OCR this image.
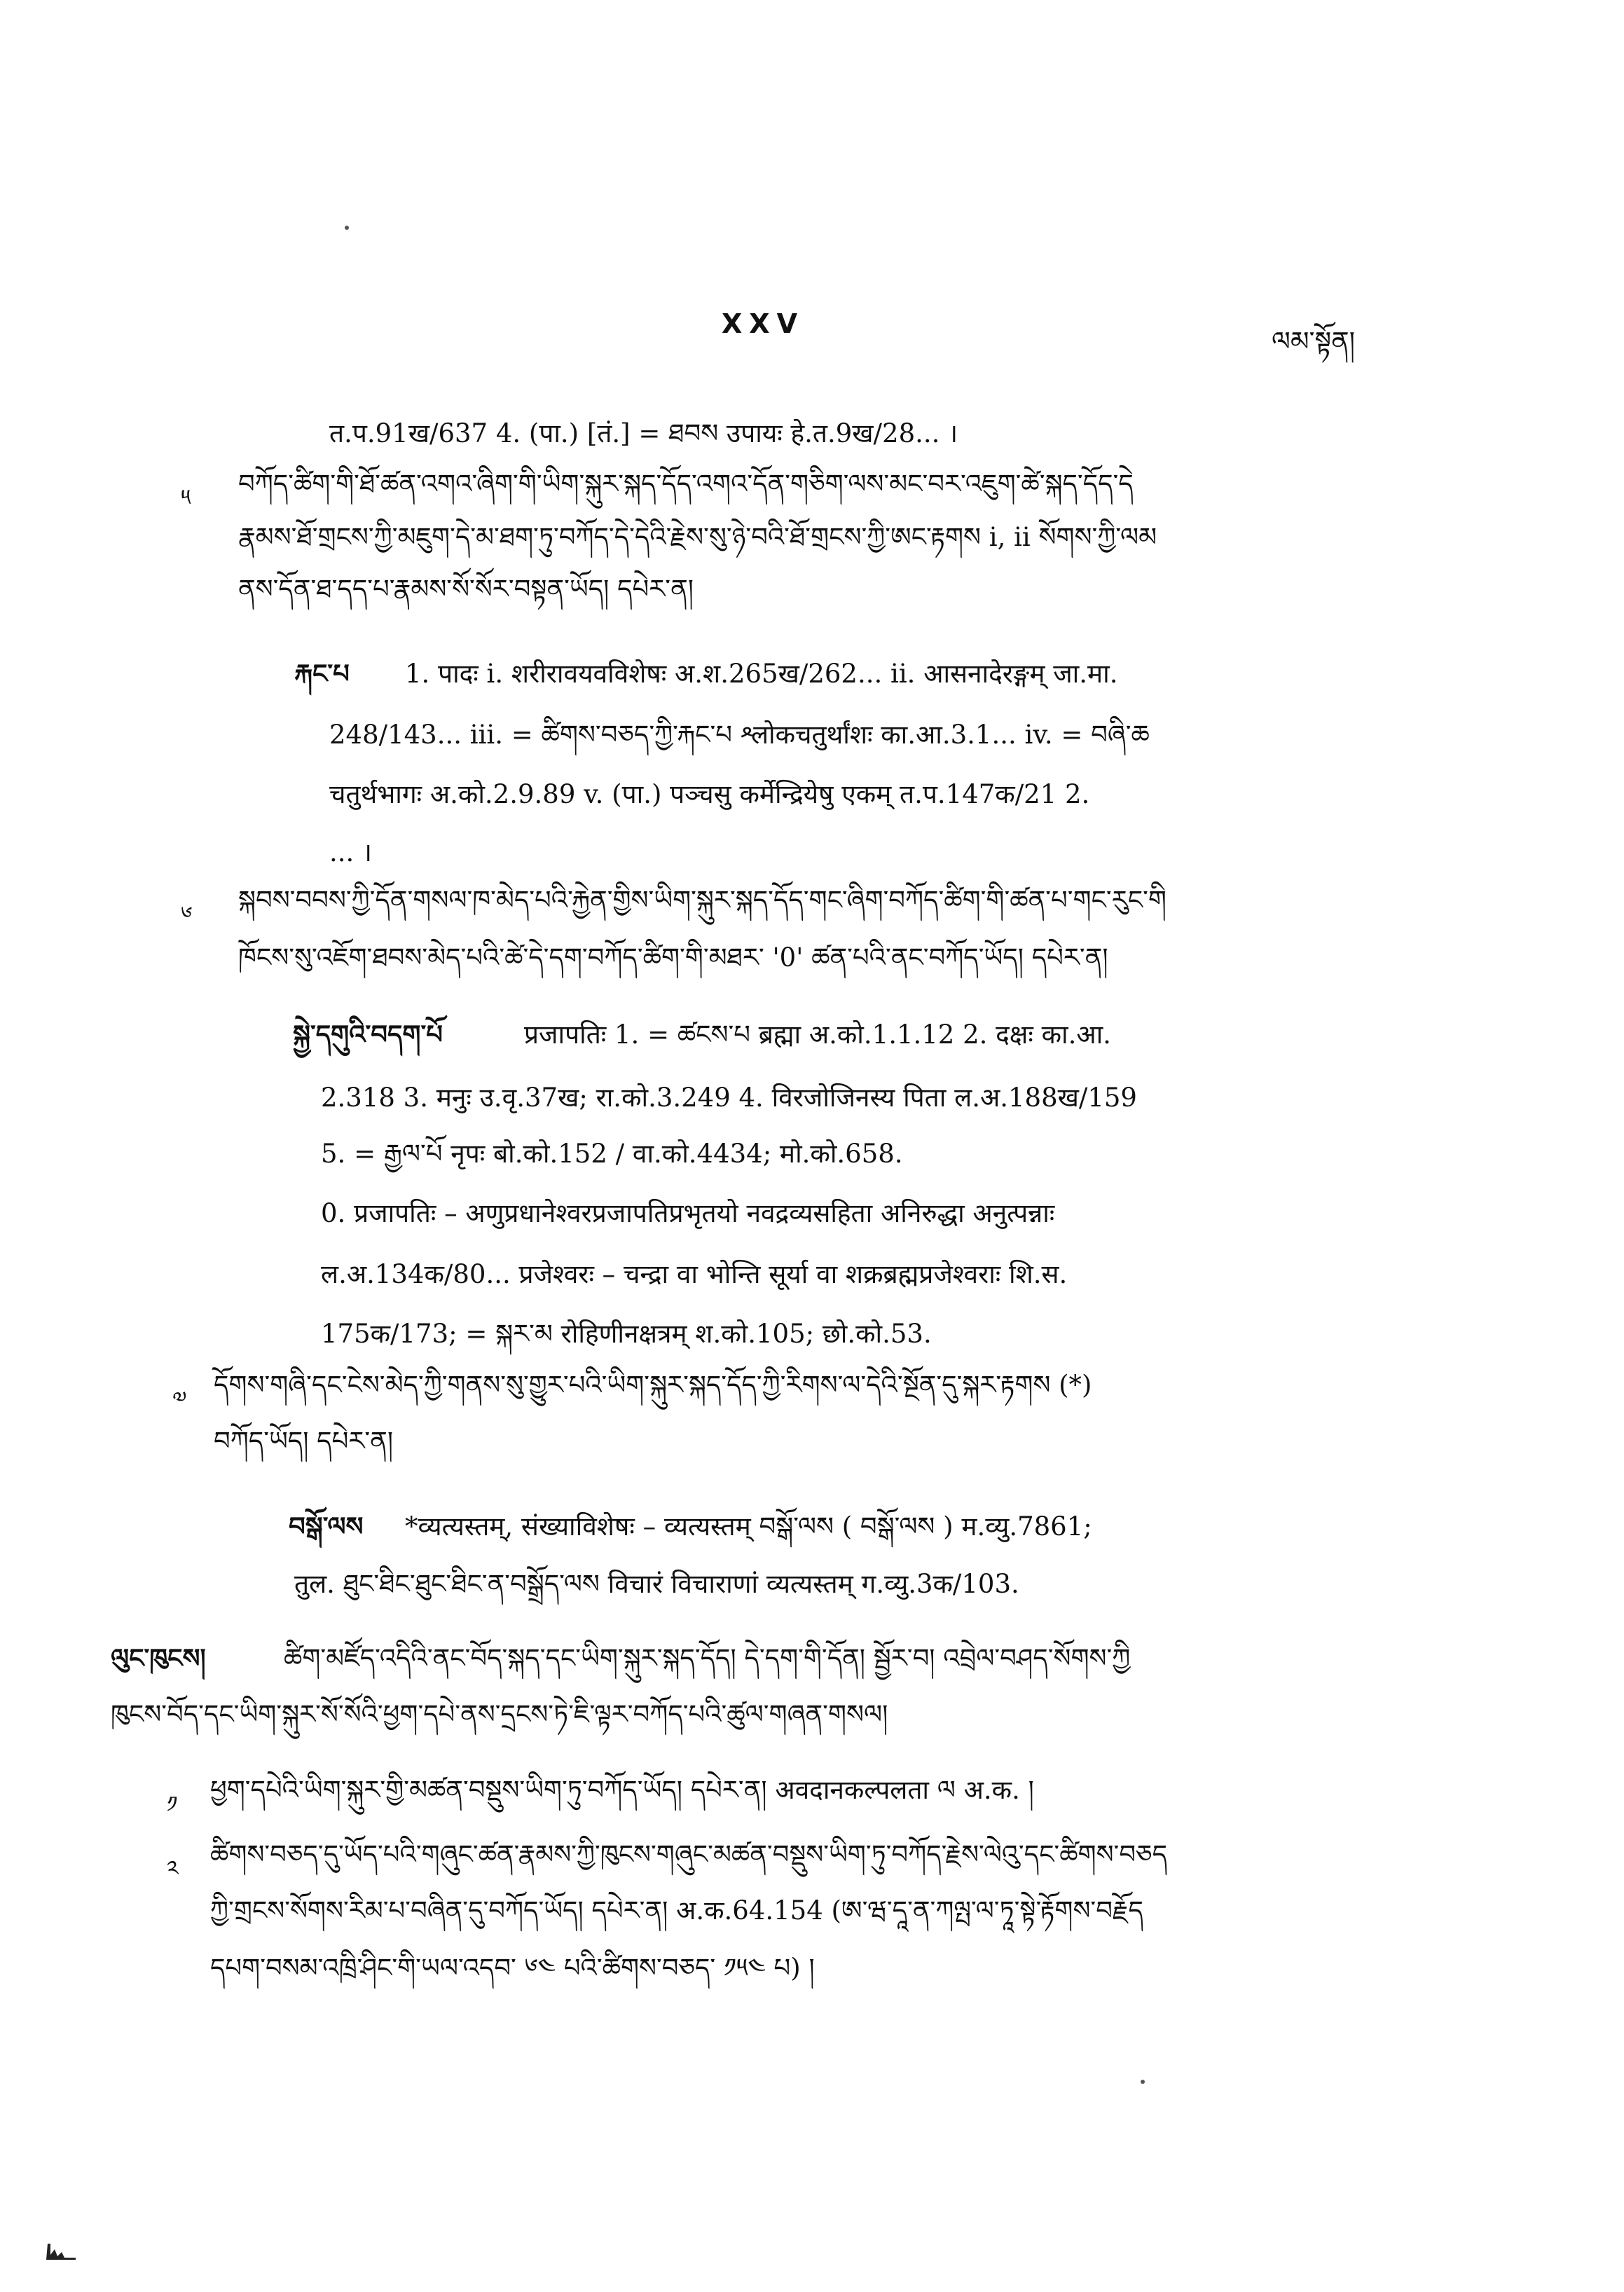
XXV
ལམ་སྟོན།
त.प.91ख/637 4. (पा.) [तं.] = ཐབས उपायः हे.त.9ख/28... ।
༥ བཀོད་ཚིག་གི་ཐོ་ཚན་འགའ་ཞིག་གི་ཡིག་སྐུར་སྐད་དོད་འགའ་དོན་གཅིག་ལས་མང་བར་འཇུག་ཚེ་སྐད་དོད་དེ
རྣམས་ཐོ་གྲངས་ཀྱི་མཇུག་དེ་མ་ཐག་ཏུ་བཀོད་དེ་དེའི་རྗེས་སུ་ཉེ་བའི་ཐོ་གྲངས་ཀྱི་ཨང་རྟགས i, ii སོགས་ཀྱི་ལམ
ནས་དོན་ཐ་དད་པ་རྣམས་སོ་སོར་བསྟན་ཡོད། དཔེར་ན།
རྐང་པ 1. पादः i. शरीरावयवविशेषः अ.श.265ख/262... ii. आसनादेरङ्गम् जा.मा.
248/143... iii. = ཚིགས་བཅད་ཀྱི་རྐང་པ श्लोकचतुर्थांशः का.आ.3.1... iv. = བཞི་ཆ
चतुर्थभागः अ.को.2.9.89 v. (पा.) पञ्चसु कर्मेन्द्रियेषु एकम् त.प.147क/21 2.
... ।
༦ སྐབས་བབས་ཀྱི་དོན་གསལ་ཁ་མེད་པའི་རྐྱེན་གྱིས་ཡིག་སྐུར་སྐད་དོད་གང་ཞིག་བཀོད་ཚིག་གི་ཚན་པ་གང་རུང་གི
ཁོངས་སུ་འཇོག་ཐབས་མེད་པའི་ཚེ་དེ་དག་བཀོད་ཚིག་གི་མཐར་ '0' ཚན་པའི་ནང་བཀོད་ཡོད། དཔེར་ན།
སྐྱེ་དགུའི་བདག་པོ	प्रजापतिः 1. = ཚངས་པ ब्रह्मा अ.को.1.1.12 2. दक्षः का.आ.
2.318 3. मनुः उ.वृ.37ख; रा.को.3.249 4. विरजोजिनस्य पिता ल.अ.188ख/159
5. = རྒྱལ་པོ नृपः बो.को.152 / वा.को.4434; मो.को.658.
0. प्रजापतिः – अणुप्रधानेश्वरप्रजापतिप्रभृतयो नवद्रव्यसहिता अनिरुद्धा अनुत्पन्नाः
ल.अ.134क/80... प्रजेश्वरः – चन्द्रा वा भोन्ति सूर्या वा शक्रब्रह्मप्रजेश्वराः शि.स.
175क/173; = སྐར་མ रोहिणीनक्षत्रम् श.को.105; छो.को.53.
༧ དོགས་གཞི་དང་ངེས་མེད་ཀྱི་གནས་སུ་གྱུར་པའི་ཡིག་སྐུར་སྐད་དོད་ཀྱི་རིགས་ལ་དེའི་སྔོན་དུ་སྐར་རྟགས (*)
བཀོད་ཡོད། དཔེར་ན།
བསྒོ་ལས *व्यत्यस्तम्, संख्याविशेषः – व्यत्यस्तम् བསྒོ་ལས ( བསྒོ་ལས ) म.व्यु.7861;
तुल. ཐུང་ཐིང་ཐུང་ཐིང་ན་བསྒྲོད་ལས विचारं विचाराणां व्यत्यस्तम् ग.व्यु.3क/103.
ལུང་ཁུངས།	ཚིག་མཛོད་འདིའི་ནང་བོད་སྐད་དང་ཡིག་སྐུར་སྐད་དོད། དེ་དག་གི་དོན། སྦྱོར་བ། འབྲེལ་བཤད་སོགས་ཀྱི
ཁུངས་བོད་དང་ཡིག་སྐུར་སོ་སོའི་ཕྱག་དཔེ་ནས་དྲངས་ཏེ་ཇི་ལྟར་བཀོད་པའི་ཚུལ་གཞན་གསལ།
༡ ཕྱག་དཔེའི་ཡིག་སྐུར་གྱི་མཚན་བསྡུས་ཡིག་ཏུ་བཀོད་ཡོད། དཔེར་ན། अवदानकल्पलता ལ अ.क. །
༢ ཚིགས་བཅད་དུ་ཡོད་པའི་གཞུང་ཚན་རྣམས་ཀྱི་ཁུངས་གཞུང་མཚན་བསྡུས་ཡིག་ཏུ་བཀོད་རྗེས་ལེའུ་དང་ཚིགས་བཅད
ཀྱི་གྲངས་སོགས་རིམ་པ་བཞིན་དུ་བཀོད་ཡོད། དཔེར་ན། अ.क.64.154 (ཨ་ཝ་དཱ་ན་ཀལྤ་ལ་ཏཱ་སྟེ་རྟོགས་བརྗོད
དཔག་བསམ་འཁྲི་ཤིང་གི་ཡལ་འདབ་ ༦༤ པའི་ཚིགས་བཅད་ ༡༥༤ པ) །
